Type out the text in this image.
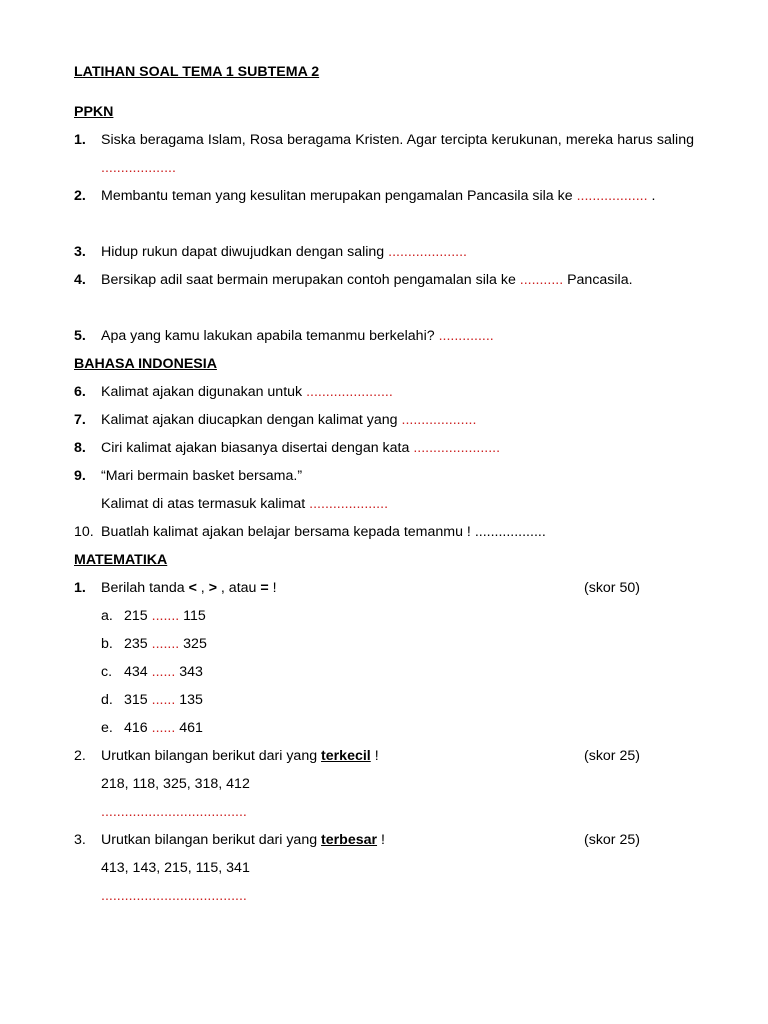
LATIHAN SOAL TEMA 1 SUBTEMA 2
PPKN
1. Siska beragama Islam, Rosa beragama Kristen. Agar tercipta kerukunan, mereka harus saling ...................
2. Membantu teman yang kesulitan merupakan pengamalan Pancasila sila ke .................. .
3. Hidup rukun dapat diwujudkan dengan saling ....................
4. Bersikap adil saat bermain merupakan contoh pengamalan sila ke ........... Pancasila.
5. Apa yang kamu lakukan apabila temanmu berkelahi? ..............
BAHASA INDONESIA
6. Kalimat ajakan digunakan untuk ......................
7. Kalimat ajakan diucapkan dengan kalimat yang ...................
8. Ciri kalimat ajakan biasanya disertai dengan kata ......................
9. “Mari bermain basket bersama.”
Kalimat di atas termasuk kalimat ....................
10. Buatlah kalimat ajakan belajar bersama kepada temanmu ! ..................
MATEMATIKA
1. Berilah tanda < , > , atau = !	(skor 50)
a. 215 ....... 115
b. 235 ....... 325
c. 434 ...... 343
d. 315 ...... 135
e. 416 ...... 461
2. Urutkan bilangan berikut dari yang terkecil !	(skor 25)
218, 118, 325, 318, 412
.....................................
3. Urutkan bilangan berikut dari yang terbesar !	(skor 25)
413, 143, 215, 115, 341
.....................................
